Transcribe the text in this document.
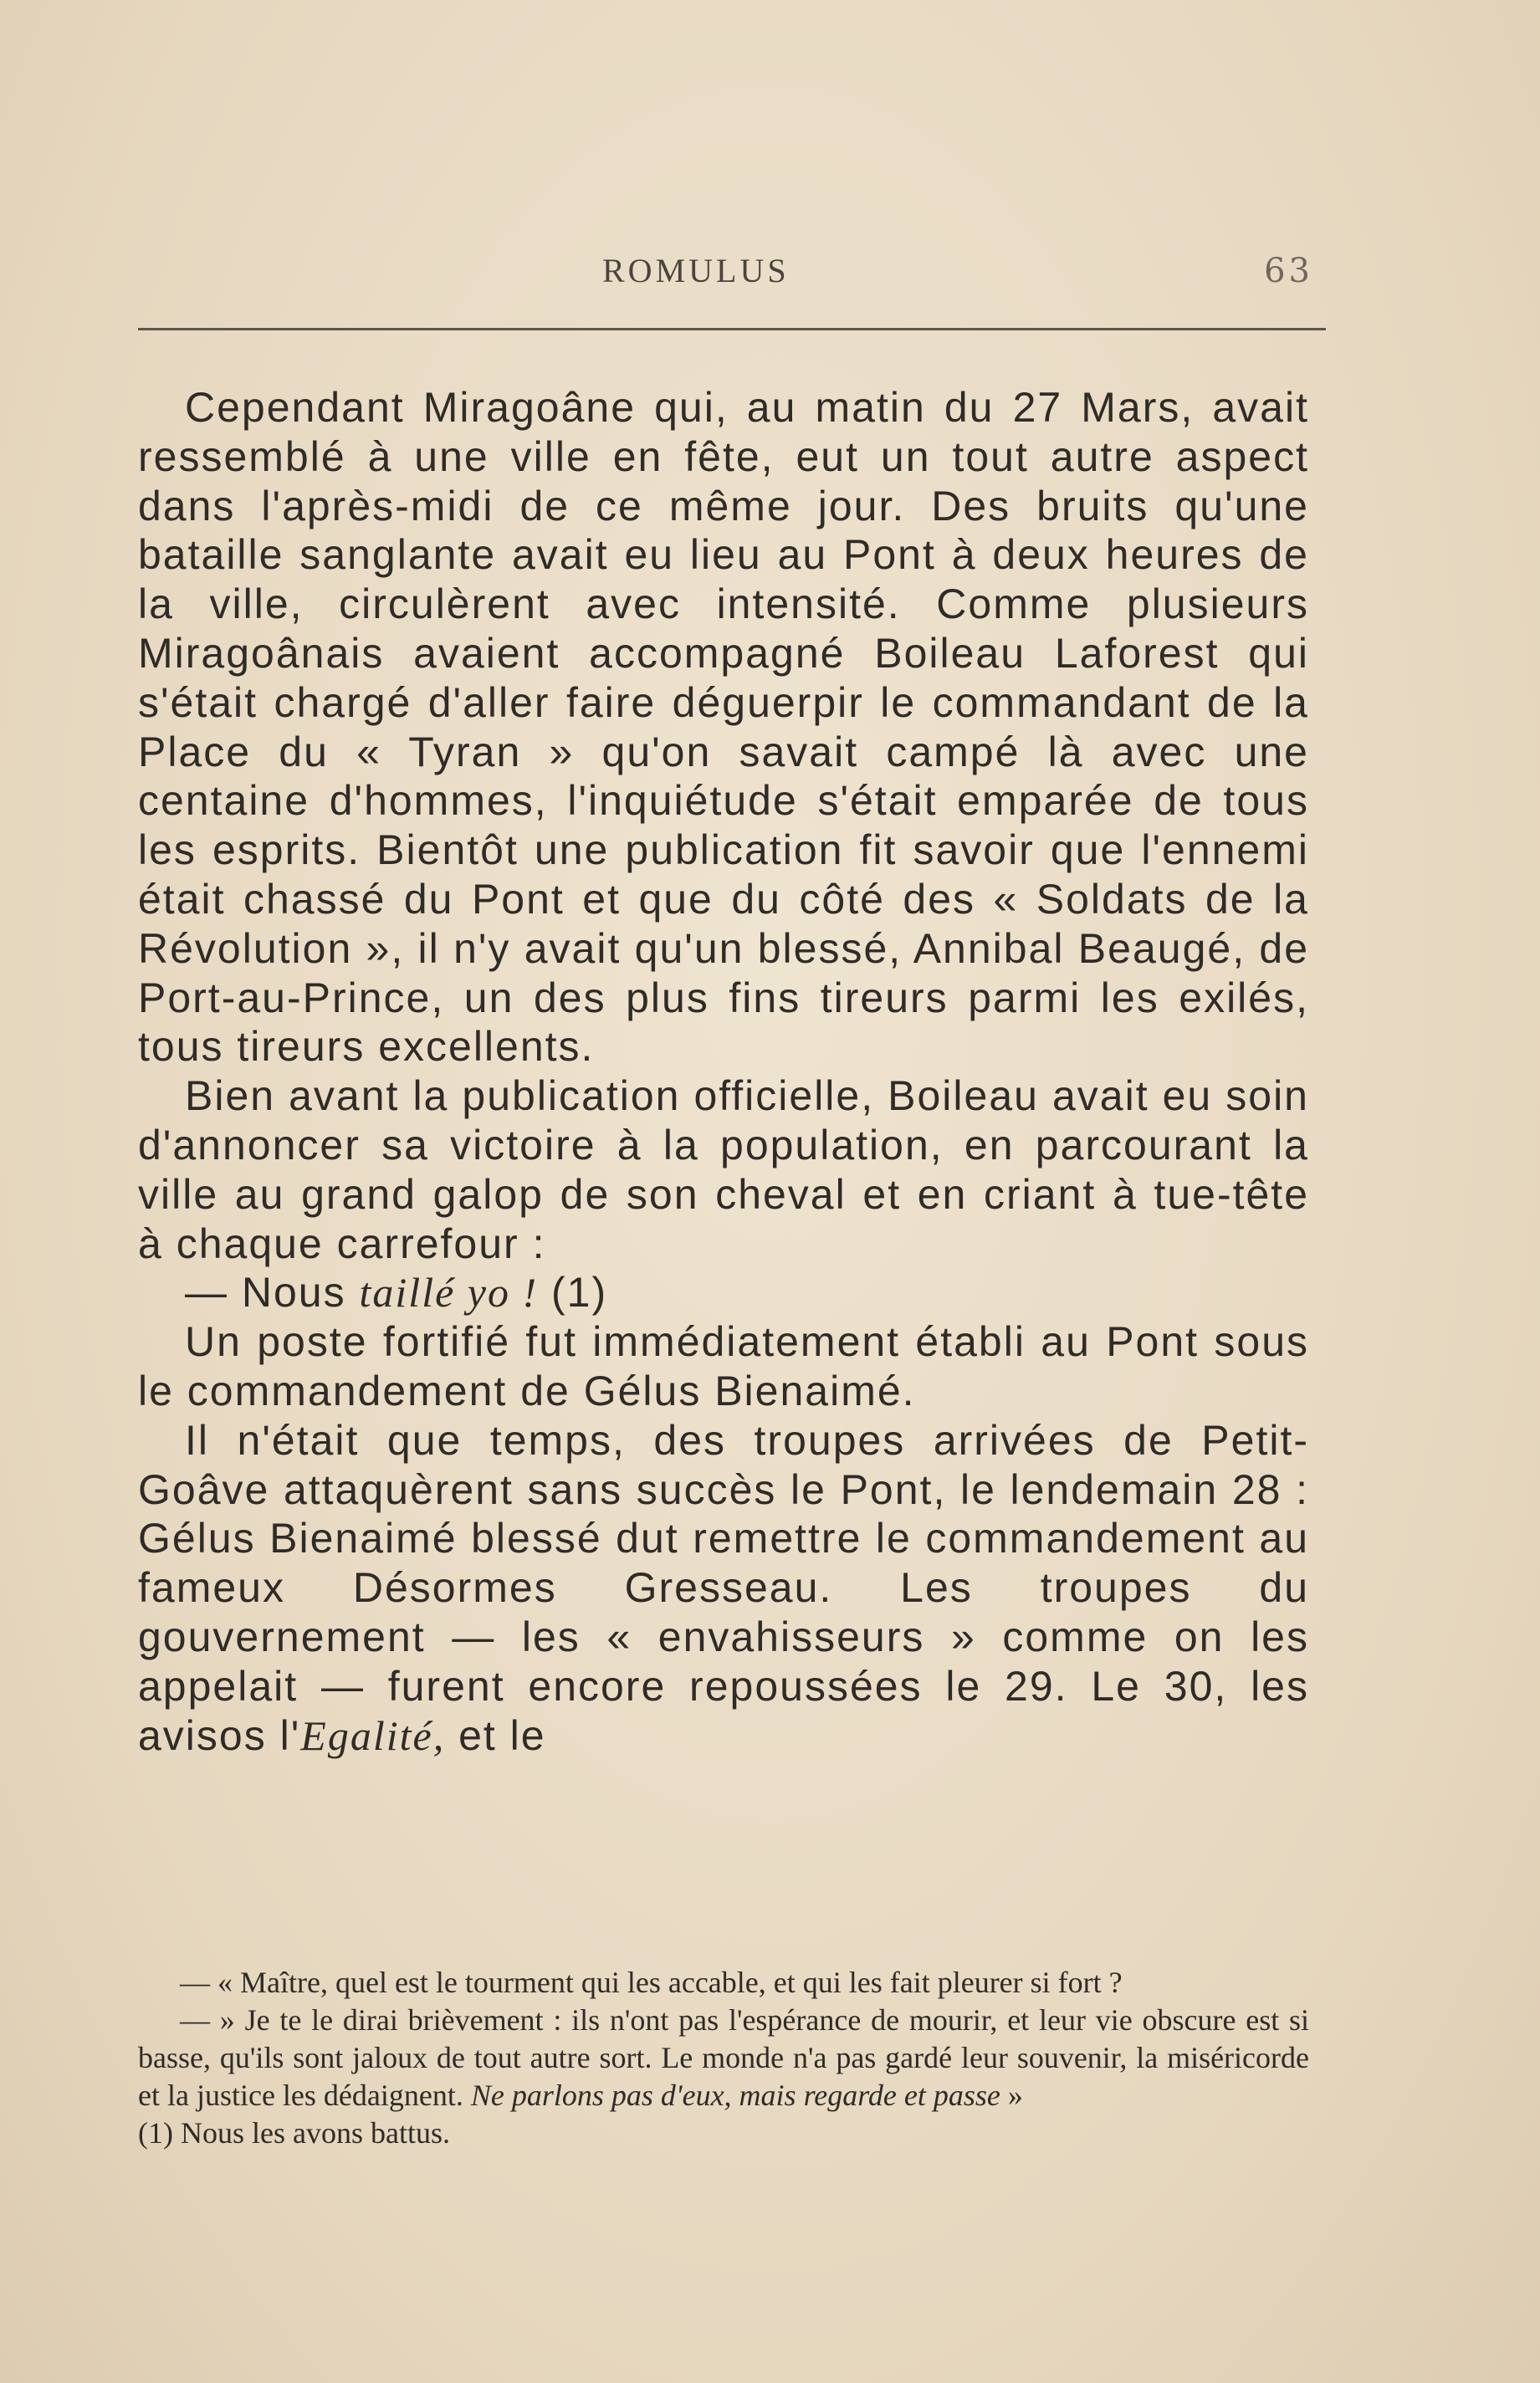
ROMULUS	63

Cependant Miragoâne qui, au matin du 27 Mars, avait ressemblé à une ville en fête, eut un tout autre aspect dans l'après-midi de ce même jour. Des bruits qu'une bataille sanglante avait eu lieu au Pont à deux heures de la ville, circulèrent avec intensité. Comme plusieurs Miragoânais avaient accompagné Boileau Laforest qui s'était chargé d'aller faire déguerpir le commandant de la Place du « Tyran » qu'on savait campé là avec une centaine d'hommes, l'inquiétude s'était emparée de tous les esprits. Bientôt une publication fit savoir que l'ennemi était chassé du Pont et que du côté des « Soldats de la Révolution », il n'y avait qu'un blessé, Annibal Beaugé, de Port-au-Prince, un des plus fins tireurs parmi les exilés, tous tireurs excellents.

Bien avant la publication officielle, Boileau avait eu soin d'annoncer sa victoire à la population, en parcourant la ville au grand galop de son cheval et en criant à tue-tête à chaque carrefour :

— Nous taillé yo ! (1)

Un poste fortifié fut immédiatement établi au Pont sous le commandement de Gélus Bienaimé.

Il n'était que temps, des troupes arrivées de Petit-Goâve attaquèrent sans succès le Pont, le lendemain 28 : Gélus Bienaimé blessé dut remettre le commandement au fameux Désormes Gresseau. Les troupes du gouvernement — les « envahisseurs » comme on les appelait — furent encore repoussées le 29. Le 30, les avisos l'Egalité, et le

— « Maître, quel est le tourment qui les accable, et qui les fait pleurer si fort ?

— » Je te le dirai brièvement : ils n'ont pas l'espérance de mourir, et leur vie obscure est si basse, qu'ils sont jaloux de tout autre sort. Le monde n'a pas gardé leur souvenir, la miséricorde et la justice les dédaignent. Ne parlons pas d'eux, mais regarde et passe »

(1) Nous les avons battus.
